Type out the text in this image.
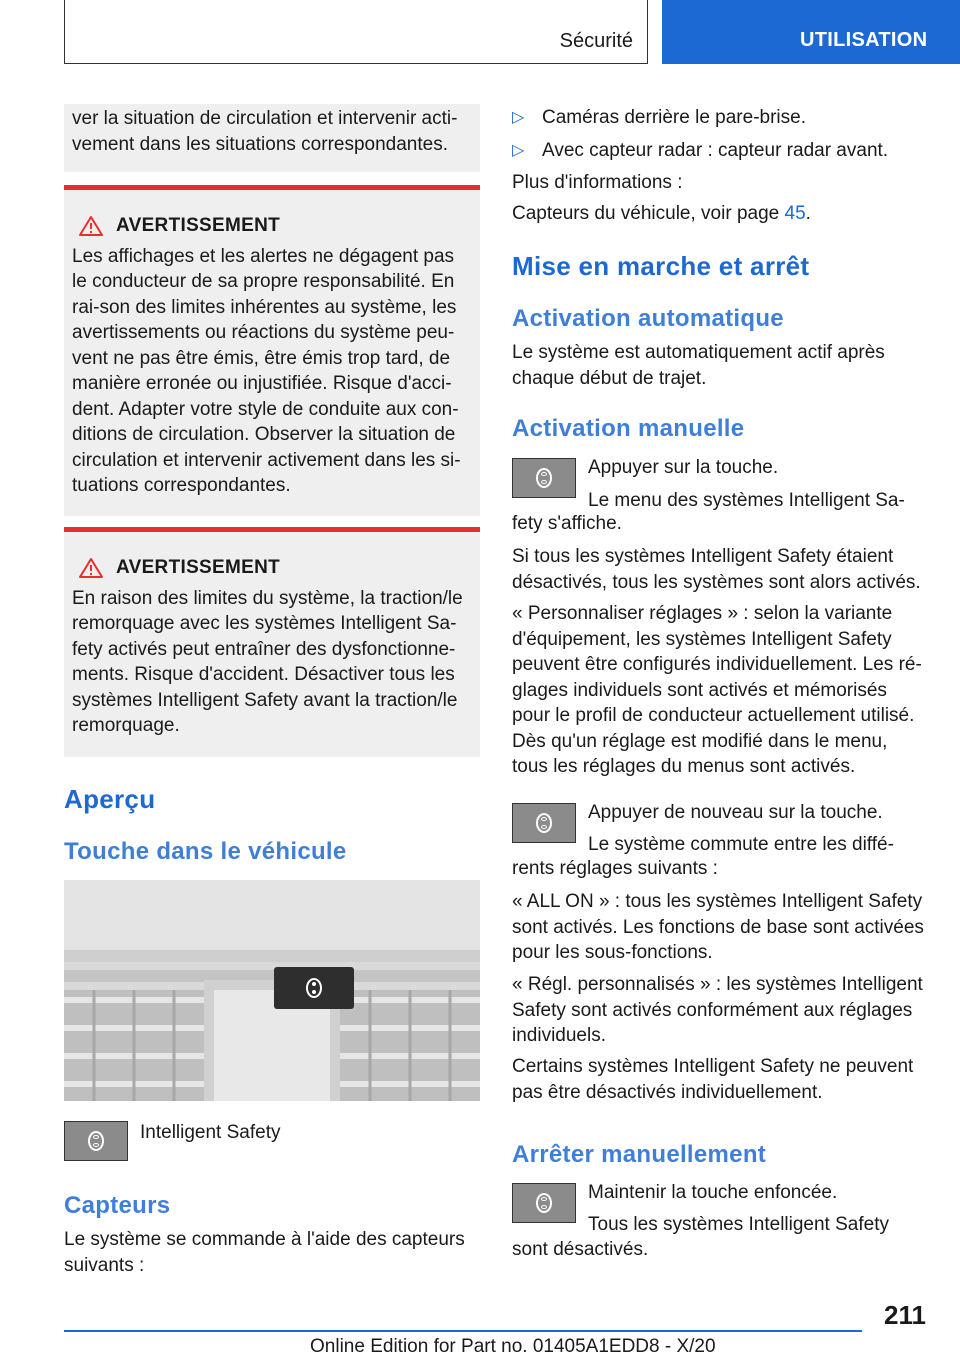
Sécurité	UTILISATION

ver la situation de circulation et intervenir acti-
vement dans les situations correspondantes.

AVERTISSEMENT

Les affichages et les alertes ne dégagent pas le conducteur de sa propre responsabilité. En rai-son des limites inhérentes au système, les avertissements ou réactions du système peu-vent ne pas être émis, être émis trop tard, de manière erronée ou injustifiée. Risque d'acci-dent. Adapter votre style de conduite aux con-ditions de circulation. Observer la situation de circulation et intervenir activement dans les si-tuations correspondantes.

AVERTISSEMENT

En raison des limites du système, la traction/le remorquage avec les systèmes Intelligent Sa-fety activés peut entraîner des dysfonctionne-ments. Risque d'accident. Désactiver tous les systèmes Intelligent Safety avant la traction/le remorquage.

Aperçu
Touche dans le véhicule

Intelligent Safety

Capteurs

Le système se commande à l'aide des capteurs suivants :

▷ Caméras derrière le pare-brise.
▷ Avec capteur radar : capteur radar avant.

Plus d'informations :

Capteurs du véhicule, voir page 45.

Mise en marche et arrêt
Activation automatique

Le système est automatiquement actif après chaque début de trajet.

Activation manuelle

Appuyer sur la touche.

Le menu des systèmes Intelligent Sa-

fety s'affiche.

Si tous les systèmes Intelligent Safety étaient désactivés, tous les systèmes sont alors activés.

« Personnaliser réglages » : selon la variante d'équipement, les systèmes Intelligent Safety peuvent être configurés individuellement. Les ré-glages individuels sont activés et mémorisés pour le profil de conducteur actuellement utilisé. Dès qu'un réglage est modifié dans le menu, tous les réglages du menus sont activés.

Appuyer de nouveau sur la touche.

Le système commute entre les diffé-

rents réglages suivants :

« ALL ON » : tous les systèmes Intelligent Safety sont activés. Les fonctions de base sont activées pour les sous-fonctions.

« Régl. personnalisés » : les systèmes Intelligent Safety sont activés conformément aux réglages individuels.

Certains systèmes Intelligent Safety ne peuvent pas être désactivés individuellement.

Arrêter manuellement

Maintenir la touche enfoncée.

Tous les systèmes Intelligent Safety

sont désactivés.

211
Online Edition for Part no. 01405A1EDD8 - X/20
